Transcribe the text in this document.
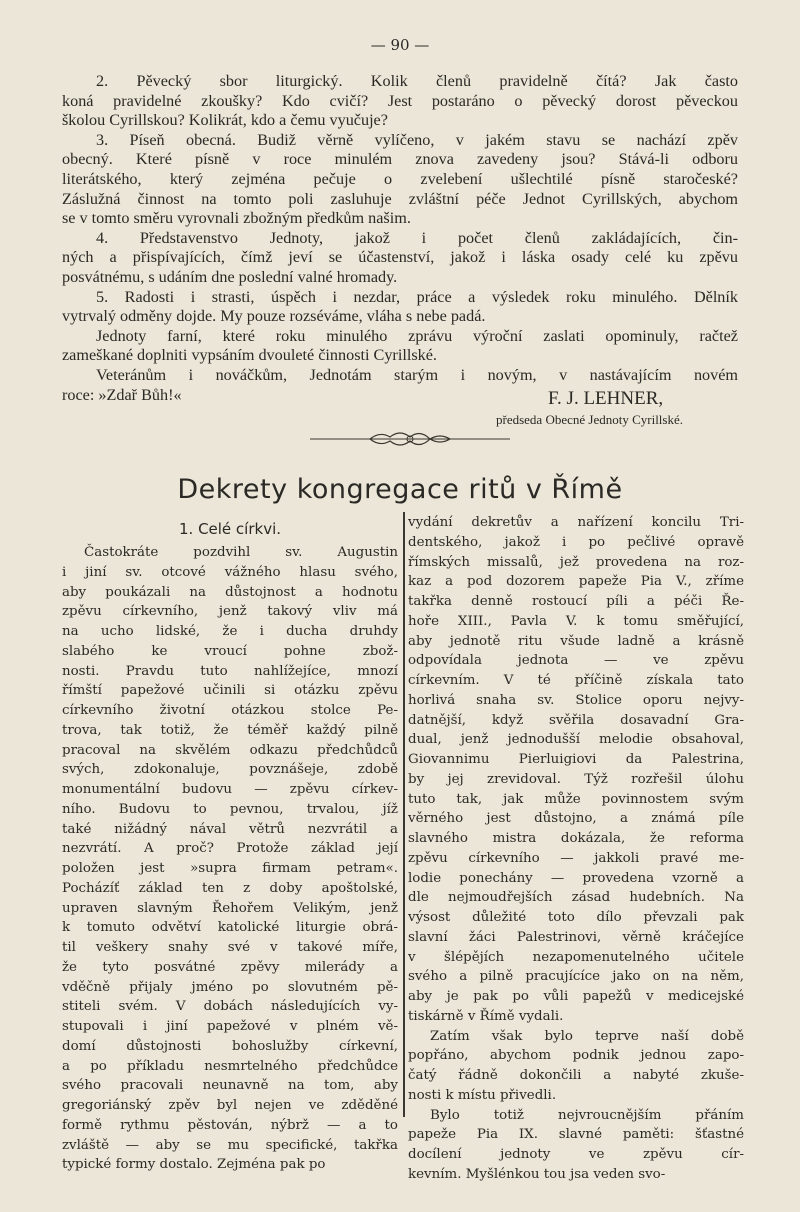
— 90 —
2. Pěvecký sbor liturgický. Kolik členů pravidelně čítá? Jak často
koná pravidelné zkoušky? Kdo cvičí? Jest postaráno o pěvecký dorost pěveckou
školou Cyrillskou? Kolikrát, kdo a čemu vyučuje?
3. Píseň obecná. Budiž věrně vylíčeno, v jakém stavu se nachází zpěv
obecný. Které písně v roce minulém znova zavedeny jsou? Stává-li odboru
literátského, který zejména pečuje o zvelebení ušlechtilé písně staročeské?
Záslužná činnost na tomto poli zasluhuje zvláštní péče Jednot Cyrillských, abychom
se v tomto směru vyrovnali zbožným předkům našim.
4. Představenstvo Jednoty, jakož i počet členů zakládajících, čin-
ných a přispívajících, čímž jeví se účastenství, jakož i láska osady celé ku zpěvu
posvátnému, s udáním dne poslední valné hromady.
5. Radosti i strasti, úspěch i nezdar, práce a výsledek roku minulého. Dělník
vytrvalý odměny dojde. My pouze rozséváme, vláha s nebe padá.
Jednoty farní, které roku minulého zprávu výroční zaslati opominuly, račtež
zameškané doplniti vypsáním dvouleté činnosti Cyrillské.
Veteránům i nováčkům, Jednotám starým i novým, v nastávajícím novém
roce: »Zdař Bůh!«	F. J. LEHNER,
předseda Obecné Jednoty Cyrillské.
Dekrety kongregace ritů v Římě
1. Celé církvi.
Častokráte pozdvihl sv. Augustin
i jiní sv. otcové vážného hlasu svého,
aby poukázali na důstojnost a hodnotu
zpěvu církevního, jenž takový vliv má
na ucho lidské, že i ducha druhdy
slabého ke vroucí pohne zbož-
nosti. Pravdu tuto nahlížejíce, mnozí
římští papežové učinili si otázku zpěvu
církevního životní otázkou stolce Pe-
trova, tak totiž, že téměř každý pilně
pracoval na skvělém odkazu předchůdců
svých, zdokonaluje, povznášeje, zdobě
monumentální budovu — zpěvu církev-
ního. Budovu to pevnou, trvalou, jíž
také nižádný nával větrů nezvrátil a
nezvrátí. A proč? Protože základ její
položen jest »supra firmam petram«.
Pocházíť základ ten z doby apoštolské,
upraven slavným Řehořem Velikým, jenž
k tomuto odvětví katolické liturgie obrá-
til veškery snahy své v takové míře,
že tyto posvátné zpěvy milerády a
vděčně přijaly jméno po slovutném pě-
stiteli svém. V dobách následujících vy-
stupovali i jiní papežové v plném vě-
domí důstojnosti bohoslužby církevní,
a po příkladu nesmrtelného předchůdce
svého pracovali neunavně na tom, aby
gregoriánský zpěv byl nejen ve zděděné
formě rythmu pěstován, nýbrž — a to
zvláště — aby se mu specifické, takřka
typické formy dostalo. Zejména pak po
vydání dekretův a nařízení koncilu Tri-
dentského, jakož i po pečlivé opravě
římských missalů, jež provedena na roz-
kaz a pod dozorem papeže Pia V., zříme
takřka denně rostoucí píli a péči Ře-
hoře XIII., Pavla V. k tomu směřující,
aby jednotě ritu všude ladně a krásně
odpovídala jednota — ve zpěvu
církevním. V té příčině získala tato
horlivá snaha sv. Stolice oporu nejvy-
datnější, když svěřila dosavadní Gra-
dual, jenž jednodušší melodie obsahoval,
Giovannimu Pierluigiovi da Palestrina,
by jej zrevidoval. Týž rozřešil úlohu
tuto tak, jak může povinnostem svým
věrného jest důstojno, a známá píle
slavného mistra dokázala, že reforma
zpěvu církevního — jakkoli pravé me-
lodie ponechány — provedena vzorně a
dle nejmoudřejších zásad hudebních. Na
výsost důležité toto dílo převzali pak
slavní žáci Palestrinovi, věrně kráčejíce
v šlépějích nezapomenutelného učitele
svého a pilně pracujícíce jako on na něm,
aby je pak po vůli papežů v medicejské
tiskárně v Římě vydali.
Zatím však bylo teprve naší době
popřáno, abychom podnik jednou zapo-
čatý řádně dokončili a nabyté zkuše-
nosti k místu přivedli.
Bylo totiž nejvroucnějším přáním
papeže Pia IX. slavné paměti: šťastné
docílení jednoty ve zpěvu cír-
kevním. Myšlénkou tou jsa veden svo-
